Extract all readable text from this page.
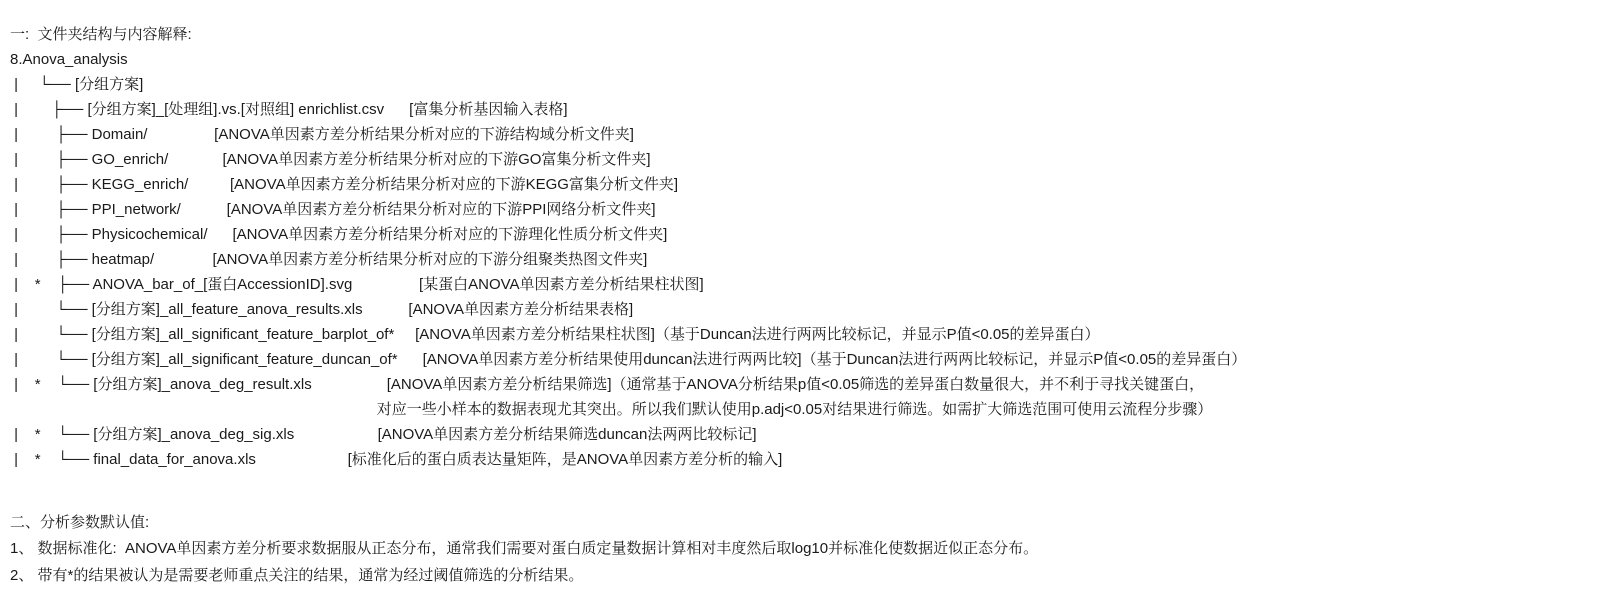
一:  文件夹结构与内容解释:
8.Anova_analysis
|     └── [分组方案]
|        ├── [分组方案]_[处理组].vs.[对照组] enrichlist.csv      [富集分析基因输入表格]
|         ├── Domain/                [ANOVA单因素方差分析结果分析对应的下游结构域分析文件夹]
|         ├── GO_enrich/             [ANOVA单因素方差分析结果分析对应的下游GO富集分析文件夹]
|         ├── KEGG_enrich/          [ANOVA单因素方差分析结果分析对应的下游KEGG富集分析文件夹]
|         ├── PPI_network/           [ANOVA单因素方差分析结果分析对应的下游PPI网络分析文件夹]
|         ├── Physicochemical/      [ANOVA单因素方差分析结果分析对应的下游理化性质分析文件夹]
|         ├── heatmap/              [ANOVA单因素方差分析结果分析对应的下游分组聚类热图文件夹]
|    *    ├── ANOVA_bar_of_[蛋白AccessionID].svg                [某蛋白ANOVA单因素方差分析结果柱状图]
|         └── [分组方案]_all_feature_anova_results.xls           [ANOVA单因素方差分析结果表格]
|         └── [分组方案]_all_significant_feature_barplot_of*     [ANOVA单因素方差分析结果柱状图]（基于Duncan法进行两两比较标记，并显示P值<0.05的差异蛋白）
|         └── [分组方案]_all_significant_feature_duncan_of*      [ANOVA单因素方差分析结果使用duncan法进行两两比较]（基于Duncan法进行两两比较标记，并显示P值<0.05的差异蛋白）
|    *    └── [分组方案]_anova_deg_result.xls                  [ANOVA单因素方差分析结果筛选]（通常基于ANOVA分析结果p值<0.05筛选的差异蛋白数量很大，并不利于寻找关键蛋白，
对应一些小样本的数据表现尤其突出。所以我们默认使用p.adj<0.05对结果进行筛选。如需扩大筛选范围可使用云流程分步骤）
|    *    └── [分组方案]_anova_deg_sig.xls                    [ANOVA单因素方差分析结果筛选duncan法两两比较标记]
|    *    └── final_data_for_anova.xls                      [标准化后的蛋白质表达量矩阵，是ANOVA单因素方差分析的输入]
二、分析参数默认值:
1、 数据标准化:  ANOVA单因素方差分析要求数据服从正态分布，通常我们需要对蛋白质定量数据计算相对丰度然后取log10并标准化使数据近似正态分布。
2、 带有*的结果被认为是需要老师重点关注的结果，通常为经过阈值筛选的分析结果。
